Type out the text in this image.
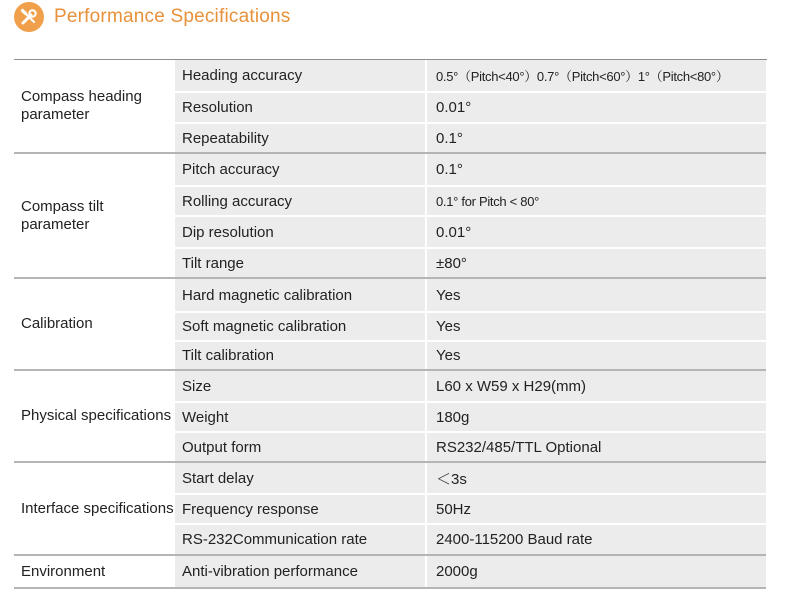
Performance Specifications
Compass heading parameter
Heading accuracy	0.5°（Pitch<40°）0.7°（Pitch<60°）1°（Pitch<80°）
Resolution	0.01°
Repeatability	0.1°
Compass tilt parameter
Pitch accuracy	0.1°
Rolling accuracy	0.1° for Pitch < 80°
Dip resolution	0.01°
Tilt range	±80°
Calibration
Hard magnetic calibration	Yes
Soft magnetic calibration	Yes
Tilt calibration	Yes
Physical specifications
Size	L60 x W59 x H29(mm)
Weight	180g
Output form	RS232/485/TTL Optional
Interface specifications
Start delay	＜3s
Frequency response	50Hz
RS-232Communication rate	2400-115200 Baud rate
Environment	Anti-vibration performance	2000g
